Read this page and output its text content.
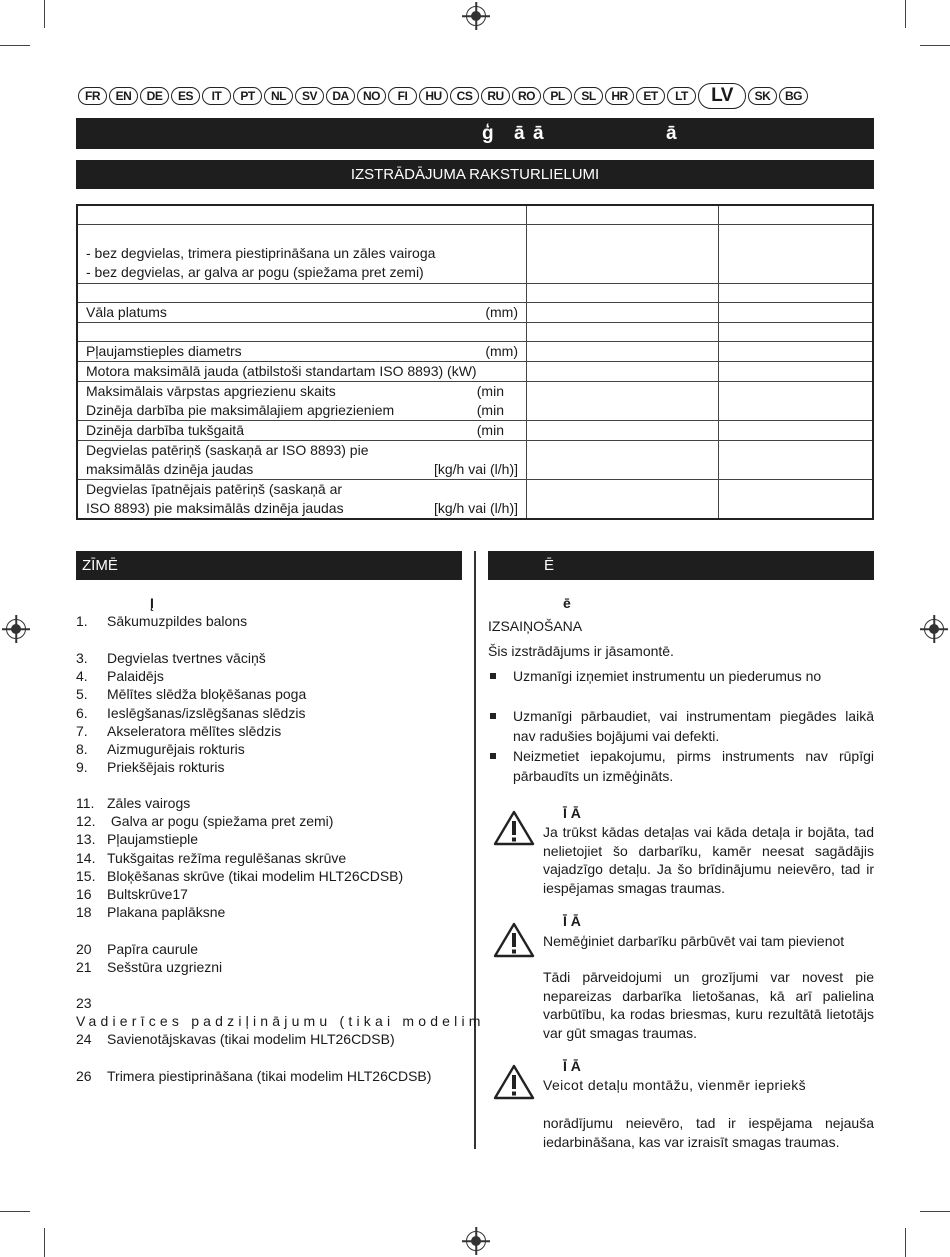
FR	EN	DE	ES	IT	PT	NL	SV	DA	NO	FI	HU	CS	RU	RO	PL	SL	HR	ET	LT	LV	SK	BG
ģ ā ā	ā
IZSTRĀDĀJUMA RAKSTURLIELUMI

- bez degvielas, trimera piestiprināšana un zāles vairoga
- bez degvielas, ar galva ar pogu (spiežama pret zemi)		

Vāla platums (mm)		

Pļaujamstieples diametrs (mm)		

Motora maksimālā jauda (atbilstoši standartam ISO 8893) (kW)		

Maksimālais vārpstas apgriezienu skaits (min
Dzinēja darbība pie maksimālajiem apgriezieniem (min		

Dzinēja darbība tukšgaitā (min		

Degvielas patēriņš (saskaņā ar ISO 8893) pie
maksimālās dzinēja jaudas [kg/h vai (l/h)]		

Degvielas īpatnējais patēriņš (saskaņā ar
ISO 8893) pie maksimālās dzinēja jaudas [kg/h vai (l/h)]		

ZĪMĒ	Ē
Į
1. Sākumuzpildes balons
3. Degvielas tvertnes vāciņš
4. Palaidējs
5. Mēlītes slēdža bloķēšanas poga
6. Ieslēgšanas/izslēgšanas slēdzis
7. Akseleratora mēlītes slēdzis
8. Aizmugurējais rokturis
9. Priekšējais rokturis
11. Zāles vairogs
12. Galva ar pogu (spiežama pret zemi)
13. Pļaujamstieple
14. Tukšgaitas režīma regulēšanas skrūve
15. Bloķēšanas skrūve (tikai modelim HLT26CDSB)
16 Bultskrūve17
18 Plakana paplāksne
20 Papīra caurule
21 Sešstūra uzgriezni
23Vadierīces padziļinājumu (tikai modelim
24 Savienotājskavas (tikai modelim HLT26CDSB)
26 Trimera piestiprināšana (tikai modelim HLT26CDSB)
ē
IZSAIŅOŠANA
Šis izstrādājums ir jāsamontē.
Uzmanīgi izņemiet instrumentu un piederumus no
Uzmanīgi pārbaudiet, vai instrumentam piegādes laikā nav radušies bojājumi vai defekti.
Neizmetiet iepakojumu, pirms instruments nav rūpīgi pārbaudīts un izmēģināts.
Ī Ā
Ja trūkst kādas detaļas vai kāda detaļa ir bojāta, tad nelietojiet šo darbarīku, kamēr neesat sagādājis vajadzīgo detaļu. Ja šo brīdinājumu neievēro, tad ir iespējamas smagas traumas.
Ī Ā
Nemēģiniet darbarīku pārbūvēt vai tam pievienot
Tādi pārveidojumi un grozījumi var novest pie nepareizas darbarīka lietošanas, kā arī palielina varbūtību, ka rodas briesmas, kuru rezultātā lietotājs var gūt smagas traumas.
Ī Ā
Veicot detaļu montāžu, vienmēr iepriekš
norādījumu neievēro, tad ir iespējama nejauša iedarbināšana, kas var izraisīt smagas traumas.
